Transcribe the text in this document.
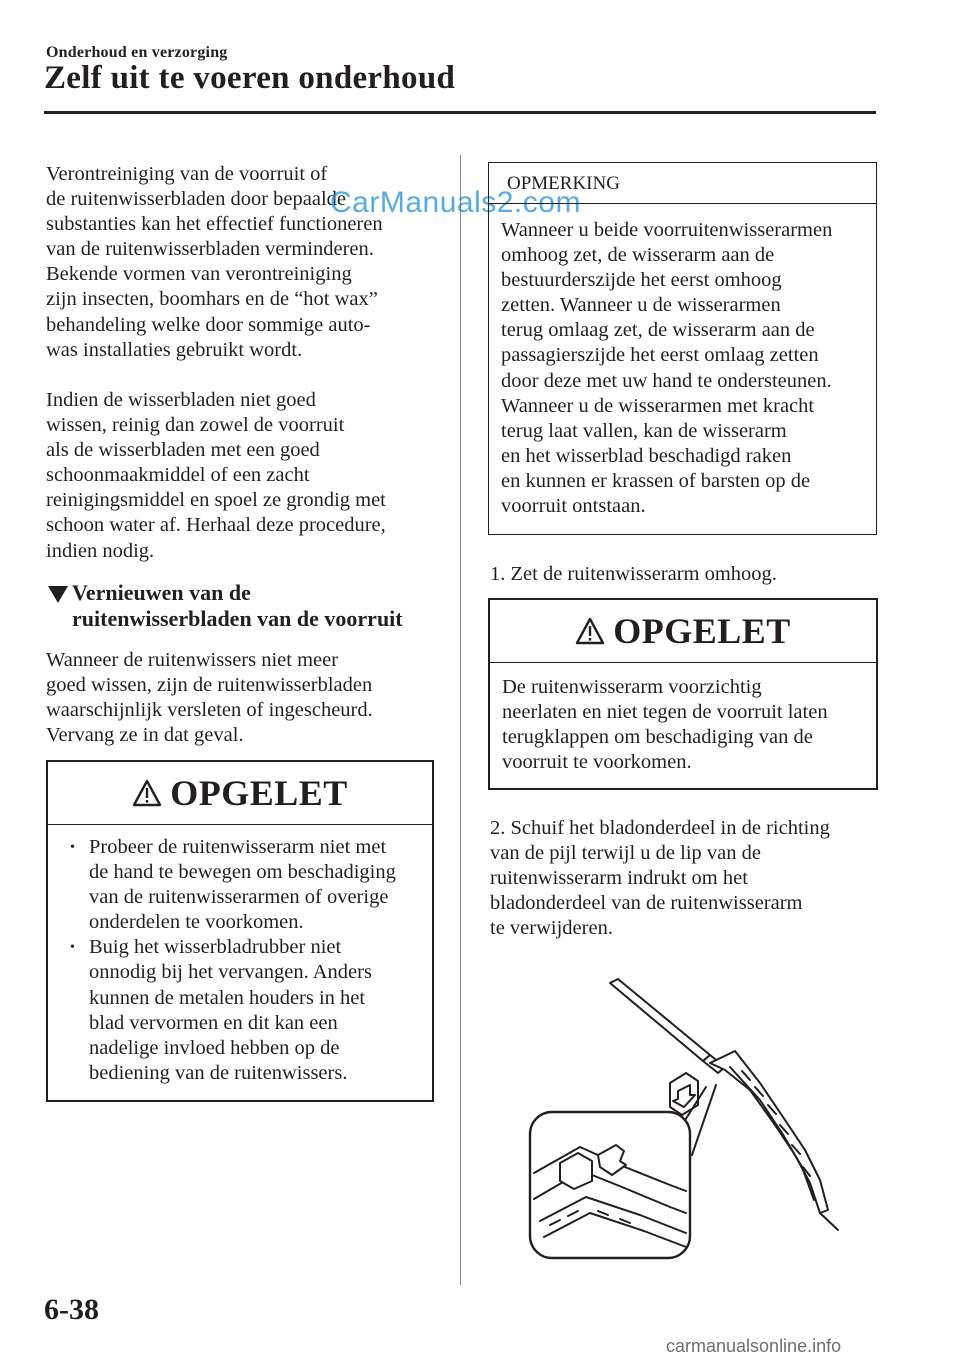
Onderhoud en verzorging
Zelf uit te voeren onderhoud

Verontreiniging van de voorruit of
de ruitenwisserbladen door bepaalde
substanties kan het effectief functioneren
van de ruitenwisserbladen verminderen.
Bekende vormen van verontreiniging
zijn insecten, boomhars en de “hot wax”
behandeling welke door sommige auto-
was installaties gebruikt wordt.

Indien de wisserbladen niet goed
wissen, reinig dan zowel de voorruit
als de wisserbladen met een goed
schoonmaakmiddel of een zacht
reinigingsmiddel en spoel ze grondig met
schoon water af. Herhaal deze procedure,
indien nodig.

Vernieuwen van de
ruitenwisserbladen van de voorruit

Wanneer de ruitenwissers niet meer
goed wissen, zijn de ruitenwisserbladen
waarschijnlijk versleten of ingescheurd.
Vervang ze in dat geval.

OPGELET
• Probeer de ruitenwisserarm niet met
de hand te bewegen om beschadiging
van de ruitenwisserarmen of overige
onderdelen te voorkomen.
• Buig het wisserbladrubber niet
onnodig bij het vervangen. Anders
kunnen de metalen houders in het
blad vervormen en dit kan een
nadelige invloed hebben op de
bediening van de ruitenwissers.
CarManuals2.com
OPMERKING

Wanneer u beide voorruitenwisserarmen
omhoog zet, de wisserarm aan de
bestuurderszijde het eerst omhoog
zetten. Wanneer u de wisserarmen
terug omlaag zet, de wisserarm aan de
passagierszijde het eerst omlaag zetten
door deze met uw hand te ondersteunen.
Wanneer u de wisserarmen met kracht
terug laat vallen, kan de wisserarm
en het wisserblad beschadigd raken
en kunnen er krassen of barsten op de
voorruit ontstaan.

1. Zet de ruitenwisserarm omhoog.

OPGELET

De ruitenwisserarm voorzichtig
neerlaten en niet tegen de voorruit laten
terugklappen om beschadiging van de
voorruit te voorkomen.

2. Schuif het bladonderdeel in de richting
van de pijl terwijl u de lip van de
ruitenwisserarm indrukt om het
bladonderdeel van de ruitenwisserarm
te verwijderen.

6-38
carmanualsonline.info
